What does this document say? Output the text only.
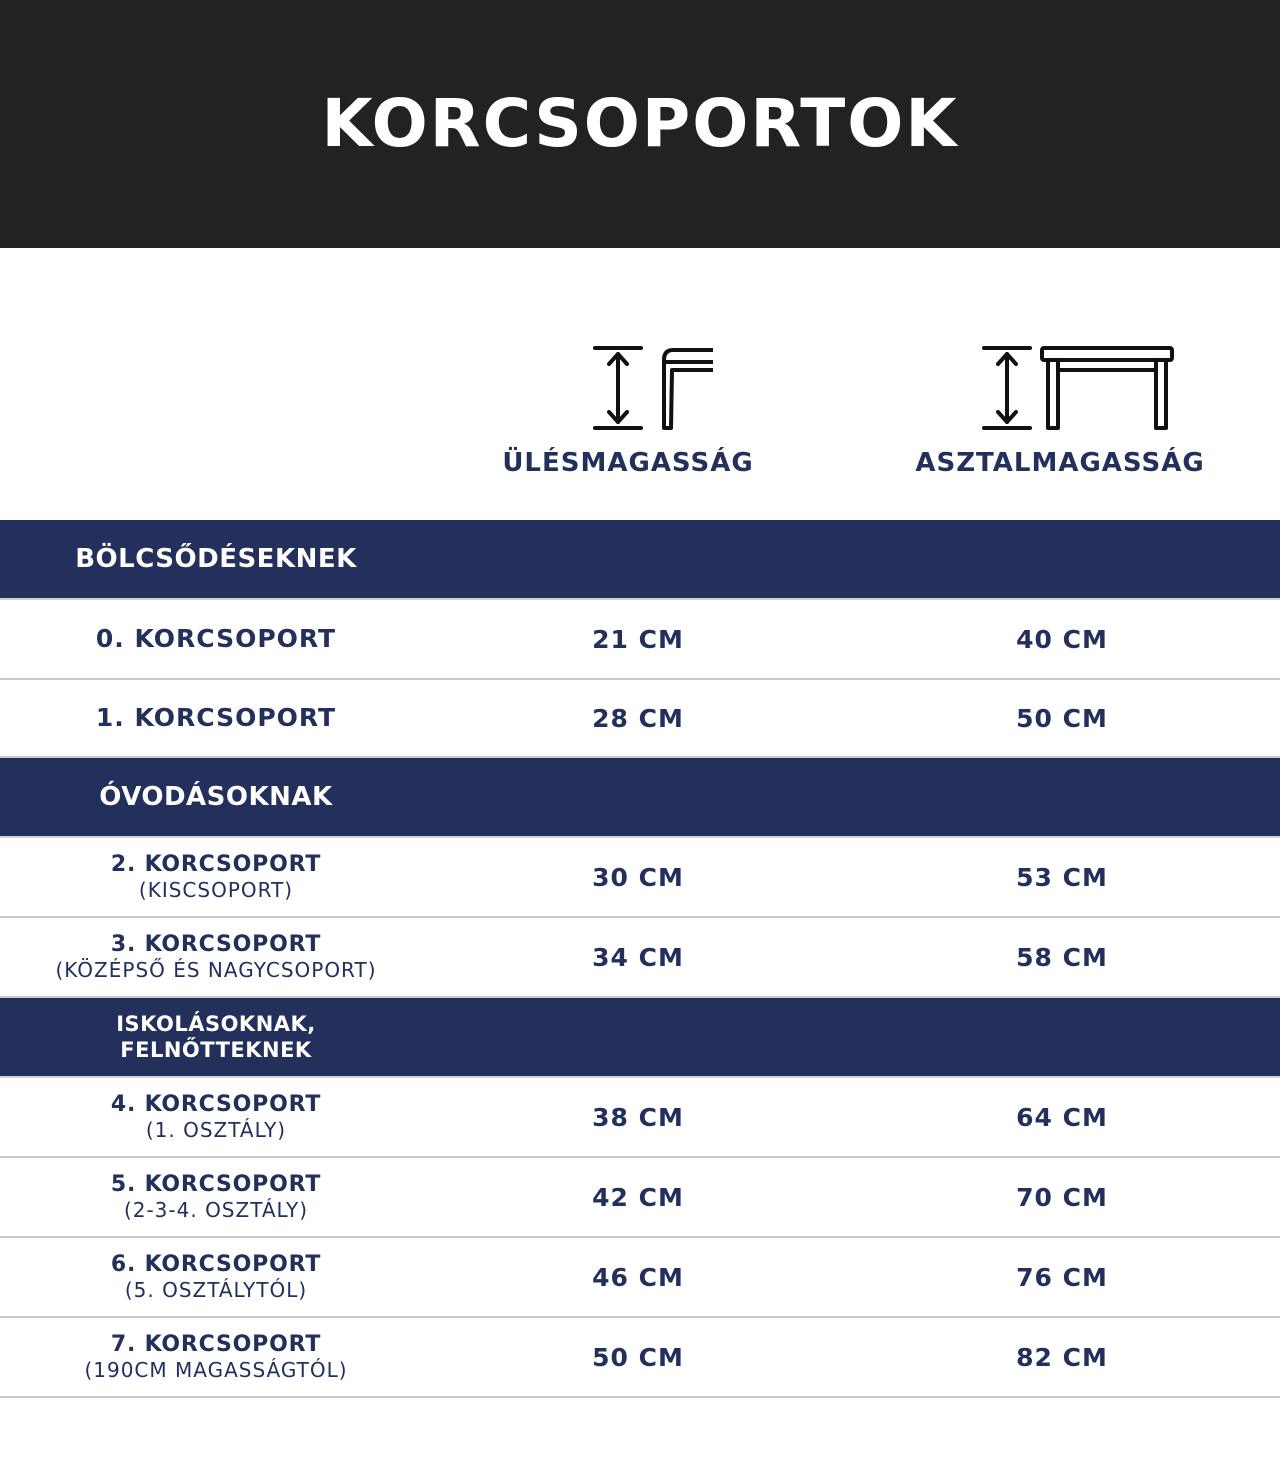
KORCSOPORTOK
ÜLÉSMAGASSÁG	ASZTALMAGASSÁG
BÖLCSŐDÉSEKNEK
0. KORCSOPORT	21 CM	40 CM
1. KORCSOPORT	28 CM	50 CM
ÓVODÁSOKNAK
2. KORCSOPORT
(KISCSOPORT)	30 CM	53 CM
3. KORCSOPORT
(KÖZÉPSŐ ÉS NAGYCSOPORT)	34 CM	58 CM
ISKOLÁSOKNAK,
FELNŐTTEKNEK
4. KORCSOPORT
(1. OSZTÁLY)	38 CM	64 CM
5. KORCSOPORT
(2-3-4. OSZTÁLY)	42 CM	70 CM
6. KORCSOPORT
(5. OSZTÁLYTÓL)	46 CM	76 CM
7. KORCSOPORT
(190CM MAGASSÁGTÓL)	50 CM	82 CM
